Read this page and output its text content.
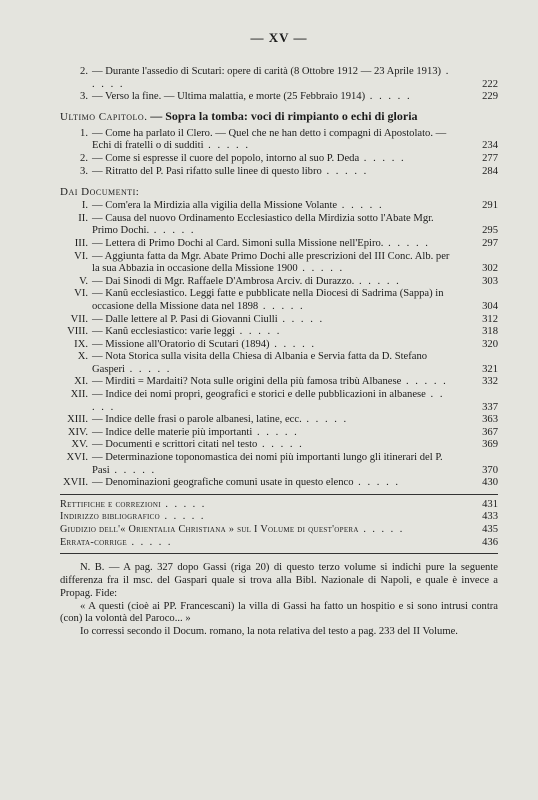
— XV —
2. — Durante l'assedio di Scutari: opere di carità (8 Ottobre 1912 — 23 Aprile 1913) . . . . .	222
3. — Verso la fine. — Ultima malattia, e morte (25 Febbraio 1914) . . . . .	229
Ultimo Capitolo. — Sopra la tomba: voci di rimpianto o echi di gloria
1. — Come ha parlato il Clero. — Quel che ne han detto i compagni di Apostolato. — Echi di fratelli o di sudditi . . . . .	234
2. — Come si espresse il cuore del popolo, intorno al suo P. Deda . . . . .	277
3. — Ritratto del P. Pasi rifatto sulle linee di questo libro . . . . .	284
Dai Documenti:
I. — Com'era la Mirdizia alla vigilia della Missione Volante . . . . .	291
II. — Causa del nuovo Ordinamento Ecclesiastico della Mirdizia sotto l'Abate Mgr. Primo Dochi. . . . . .	295
III. — Lettera di Primo Dochi al Card. Simoni sulla Missione nell'Epiro. . . . . .	297
VI. — Aggiunta fatta da Mgr. Abate Primo Dochi alle prescrizioni del III Conc. Alb. per la sua Abbazia in occasione della Missione 1900 . . . . .	302
V. — Dai Sinodi di Mgr. Raffaele D'Ambrosa Arciv. di Durazzo. . . . . .	303
VI. — Kanû ecclesiastico. Leggi fatte e pubblicate nella Diocesi di Sadrima (Sappa) in occasione della Missione data nel 1898 . . . . .	304
VII. — Dalle lettere al P. Pasi di Giovanni Ciulli . . . . .	312
VIII. — Kanû ecclesiastico: varie leggi . . . . .	318
IX. — Missione all'Oratorio di Scutari (1894) . . . . .	320
X. — Nota Storica sulla visita della Chiesa di Albania e Servia fatta da D. Stefano Gasperi . . . . .	321
XI. — Mirditi = Mardaiti? Nota sulle origini della più famosa tribù Albanese . . . . .	332
XII. — Indice dei nomi propri, geografici e storici e delle pubblicazioni in albanese . . . . .	337
XIII. — Indice delle frasi o parole albanesi, latine, ecc. . . . . .	363
XIV. — Indice delle materie più importanti . . . . .	367
XV. — Documenti e scrittori citati nel testo . . . . .	369
XVI. — Determinazione toponomastica dei nomi più importanti lungo gli itinerari del P. Pasi . . . . .	370
XVII. — Denominazioni geografiche comuni usate in questo elenco . . . . .	430
Rettifiche e correzioni . . . . .	431
Indirizzo bibliografico . . . . .	433
Giudizio dell'« Orientalia Christiana » sul I Volume di quest'opera . . . . .	435
Errata-corrige . . . . .	436

N. B. — A pag. 327 dopo Gassi (riga 20) di questo terzo volume si indichi pure la seguente differenza fra il msc. del Gaspari quale si trova alla Bibl. Nazionale di Napoli, e quale è invece a Propag. Fide:

« A questi (cioè ai PP. Francescani) la villa di Gassi ha fatto un hospitio e si sono intrusi contra (con) la volontà del Paroco... »

Io corressi secondo il Docum. romano, la nota relativa del testo a pag. 233 del II Volume.
